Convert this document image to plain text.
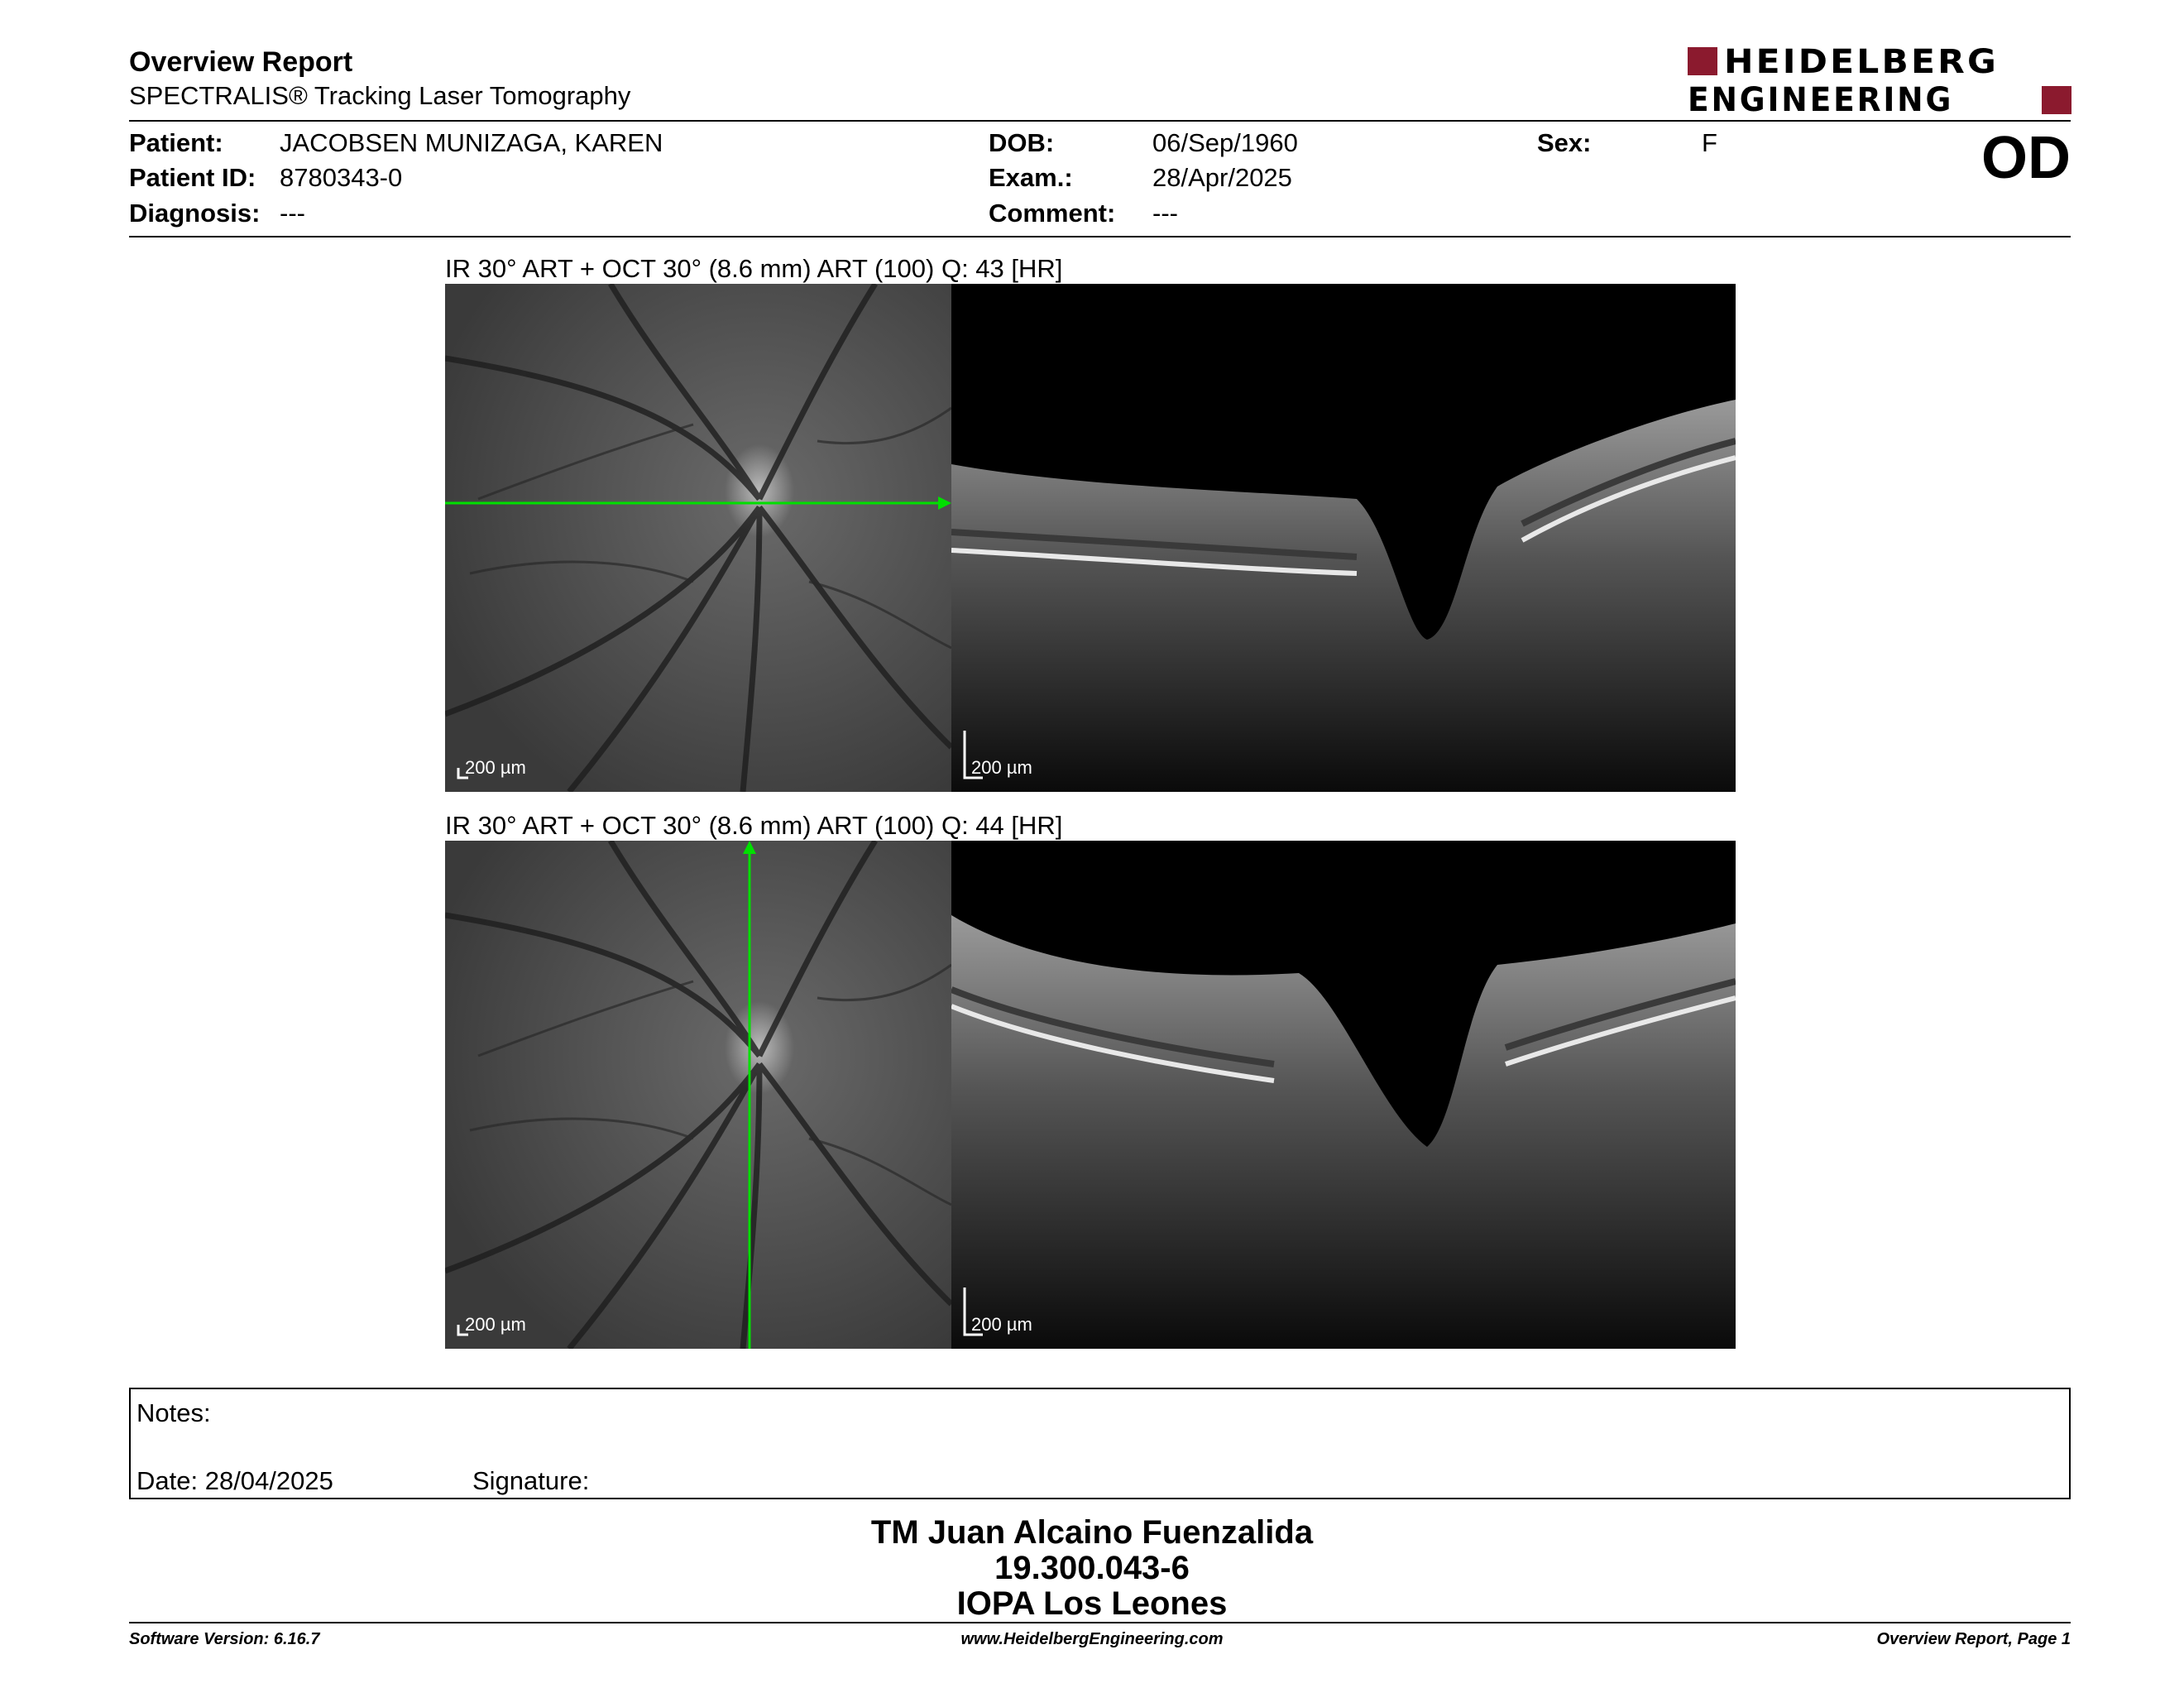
Overview Report
SPECTRALIS® Tracking Laser Tomography
HEIDELBERG
ENGINEERING
Patient: JACOBSEN MUNIZAGA, KAREN
Patient ID: 8780343-0
Diagnosis: ---
DOB:	06/Sep/1960
Exam.:	28/Apr/2025
Comment: ---
Sex:	F	OD
IR 30° ART + OCT 30° (8.6 mm) ART (100) Q: 43 [HR]
200 µm	200 µm
IR 30° ART + OCT 30° (8.6 mm) ART (100) Q: 44 [HR]
200 µm	200 µm
Notes:
Date: 28/04/2025	Signature:
TM Juan Alcaino Fuenzalida
19.300.043-6
IOPA Los Leones
Software Version: 6.16.7	www.HeidelbergEngineering.com	Overview Report, Page 1
